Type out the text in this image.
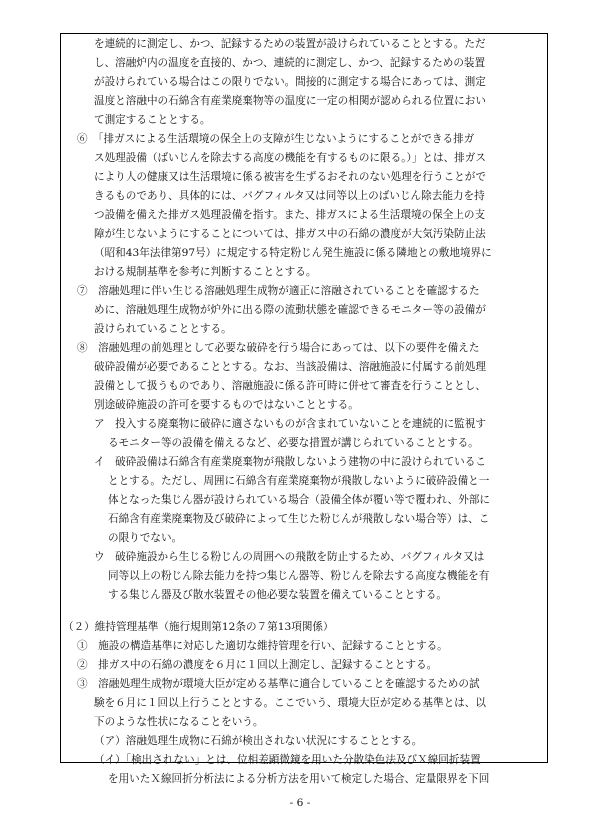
を連続的に測定し、かつ、記録するための装置が設けられていることとする。ただ
し、溶融炉内の温度を直接的、かつ、連続的に測定し、かつ、記録するための装置
が設けられている場合はこの限りでない。間接的に測定する場合にあっては、測定
温度と溶融中の石綿含有産業廃棄物等の温度に一定の相関が認められる位置におい
て測定することとする。
⑥　「排ガスによる生活環境の保全上の支障が生じないようにすることができる排ガ
ス処理設備（ばいじんを除去する高度の機能を有するものに限る。）」とは、排ガス
により人の健康又は生活環境に係る被害を生ずるおそれのない処理を行うことがで
きるものであり、具体的には、バグフィルタ又は同等以上のばいじん除去能力を持
つ設備を備えた排ガス処理設備を指す。また、排ガスによる生活環境の保全上の支
障が生じないようにすることについては、排ガス中の石綿の濃度が大気汚染防止法
（昭和43年法律第97号）に規定する特定粉じん発生施設に係る隣地との敷地境界に
おける規制基準を参考に判断することとする。
⑦　溶融処理に伴い生じる溶融処理生成物が適正に溶融されていることを確認するた
めに、溶融処理生成物が炉外に出る際の流動状態を確認できるモニター等の設備が
設けられていることとする。
⑧　溶融処理の前処理として必要な破砕を行う場合にあっては、以下の要件を備えた
破砕設備が必要であることとする。なお、当該設備は、溶融施設に付属する前処理
設備として扱うものであり、溶融施設に係る許可時に併せて審査を行うこととし、
別途破砕施設の許可を要するものではないこととする。
ア　投入する廃棄物に破砕に適さないものが含まれていないことを連続的に監視す
るモニター等の設備を備えるなど、必要な措置が講じられていることとする。
イ　破砕設備は石綿含有産業廃棄物が飛散しないよう建物の中に設けられているこ
ととする。ただし、周囲に石綿含有産業廃棄物が飛散しないように破砕設備と一
体となった集じん器が設けられている場合（設備全体が覆い等で覆われ、外部に
石綿含有産業廃棄物及び破砕によって生じた粉じんが飛散しない場合等）は、こ
の限りでない。
ウ　破砕施設から生じる粉じんの周囲への飛散を防止するため、バグフィルタ又は
同等以上の粉じん除去能力を持つ集じん器等、粉じんを除去する高度な機能を有
する集じん器及び散水装置その他必要な装置を備えていることとする。
（２）維持管理基準（施行規則第12条の７第13項関係）
①　施設の構造基準に対応した適切な維持管理を行い、記録することとする。
②　排ガス中の石綿の濃度を６月に１回以上測定し、記録することとする。
③　溶融処理生成物が環境大臣が定める基準に適合していることを確認するための試
験を６月に１回以上行うこととする。ここでいう、環境大臣が定める基準とは、以
下のような性状になることをいう。
（ア）溶融処理生成物に石綿が検出されない状況にすることとする。
（イ）「検出されない」とは、位相差顕微鏡を用いた分散染色法及びＸ線回折装置
を用いたＸ線回折分析法による分析方法を用いて検定した場合、定量限界を下回
- 6 -
